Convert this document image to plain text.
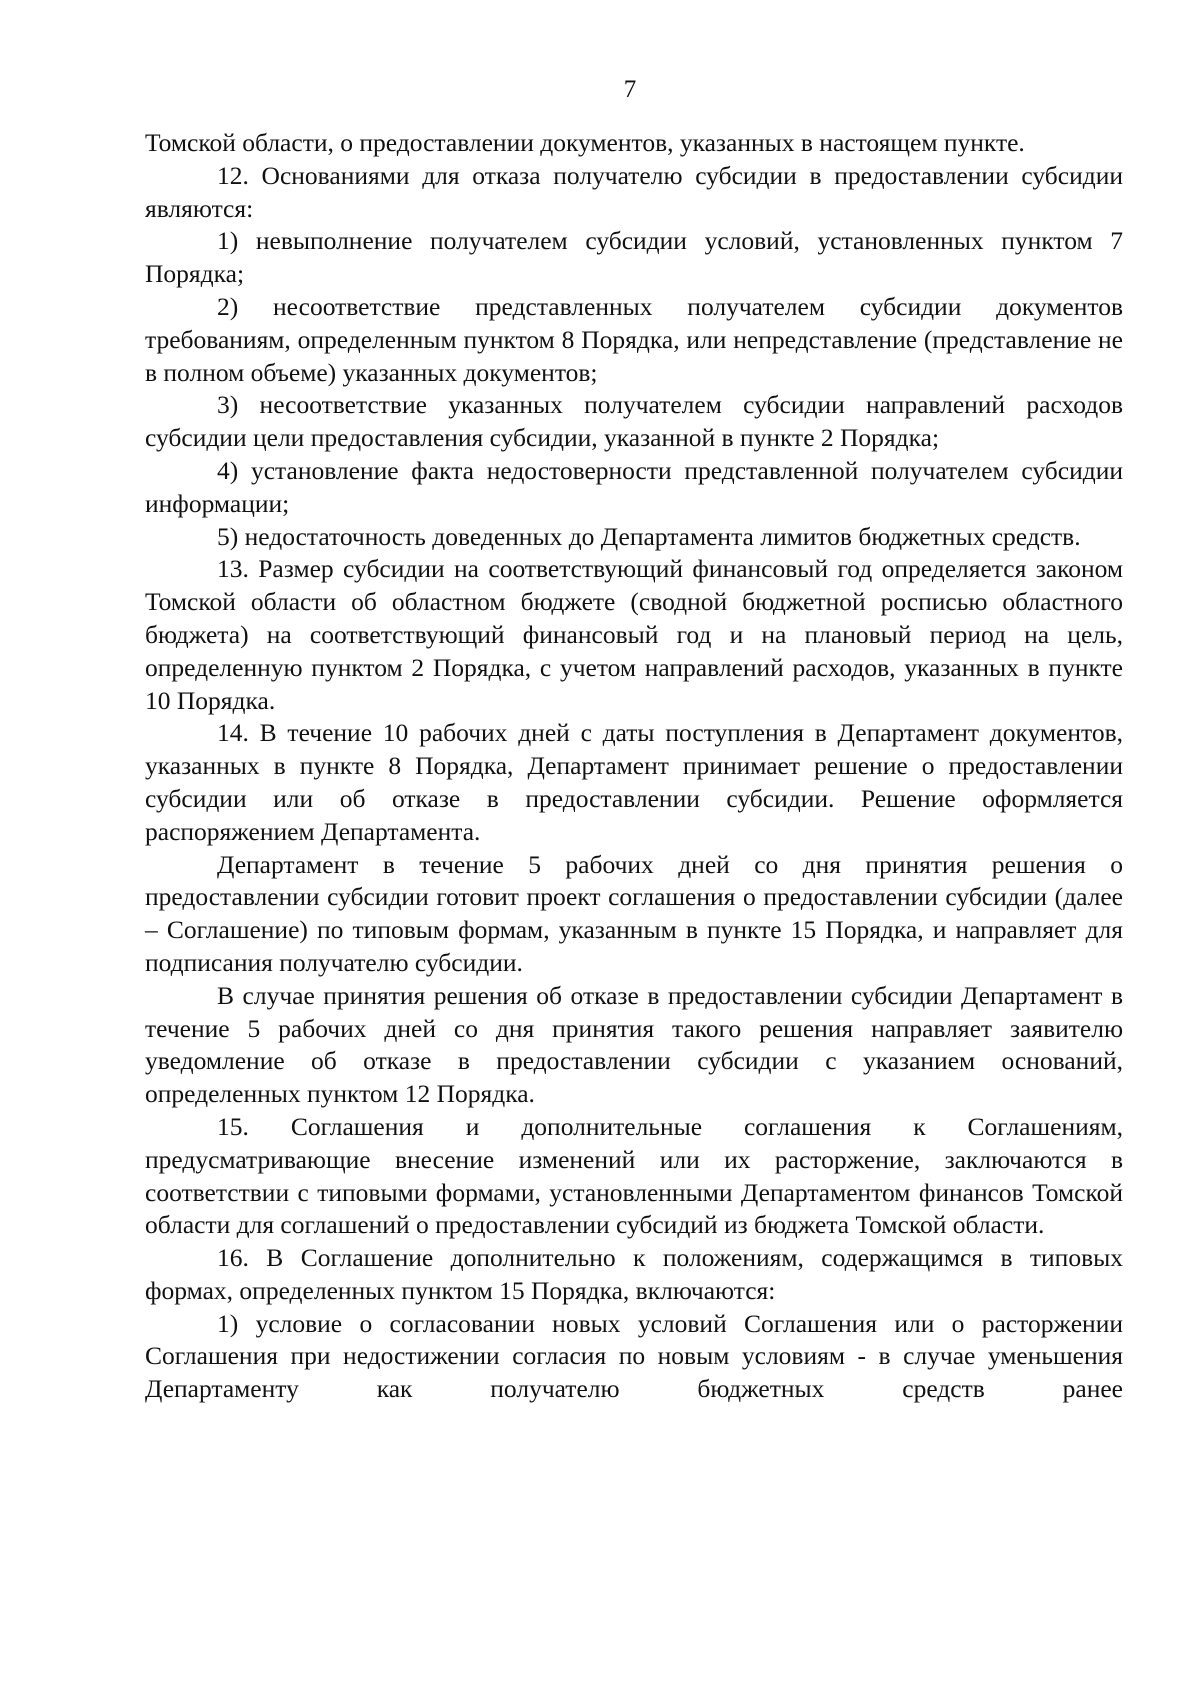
7

Томской области, о предоставлении документов, указанных в настоящем пункте.

12. Основаниями для отказа получателю субсидии в предоставлении субсидии являются:

1) невыполнение получателем субсидии условий, установленных пунктом 7 Порядка;

2) несоответствие представленных получателем субсидии документов требованиям, определенным пунктом 8 Порядка, или непредставление (представление не в полном объеме) указанных документов;

3) несоответствие указанных получателем субсидии направлений расходов субсидии цели предоставления субсидии, указанной в пункте 2 Порядка;

4) установление факта недостоверности представленной получателем субсидии информации;

5) недостаточность доведенных до Департамента лимитов бюджетных средств.

13. Размер субсидии на соответствующий финансовый год определяется законом Томской области об областном бюджете (сводной бюджетной росписью областного бюджета) на соответствующий финансовый год и на плановый период на цель, определенную пунктом 2 Порядка, с учетом направлений расходов, указанных в пункте 10 Порядка.

14. В течение 10 рабочих дней с даты поступления в Департамент документов, указанных в пункте 8 Порядка, Департамент принимает решение о предоставлении субсидии или об отказе в предоставлении субсидии. Решение оформляется распоряжением Департамента.

Департамент в течение 5 рабочих дней со дня принятия решения о предоставлении субсидии готовит проект соглашения о предоставлении субсидии (далее – Соглашение) по типовым формам, указанным в пункте 15 Порядка, и направляет для подписания получателю субсидии.

В случае принятия решения об отказе в предоставлении субсидии Департамент в течение 5 рабочих дней со дня принятия такого решения направляет заявителю уведомление об отказе в предоставлении субсидии с указанием оснований, определенных пунктом 12 Порядка.

15. Соглашения и дополнительные соглашения к Соглашениям, предусматривающие внесение изменений или их расторжение, заключаются в соответствии с типовыми формами, установленными Департаментом финансов Томской области для соглашений о предоставлении субсидий из бюджета Томской области.

16. В Соглашение дополнительно к положениям, содержащимся в типовых формах, определенных пунктом 15 Порядка, включаются:

1) условие о согласовании новых условий Соглашения или о расторжении Соглашения при недостижении согласия по новым условиям - в случае уменьшения Департаменту как получателю бюджетных средств ранее
